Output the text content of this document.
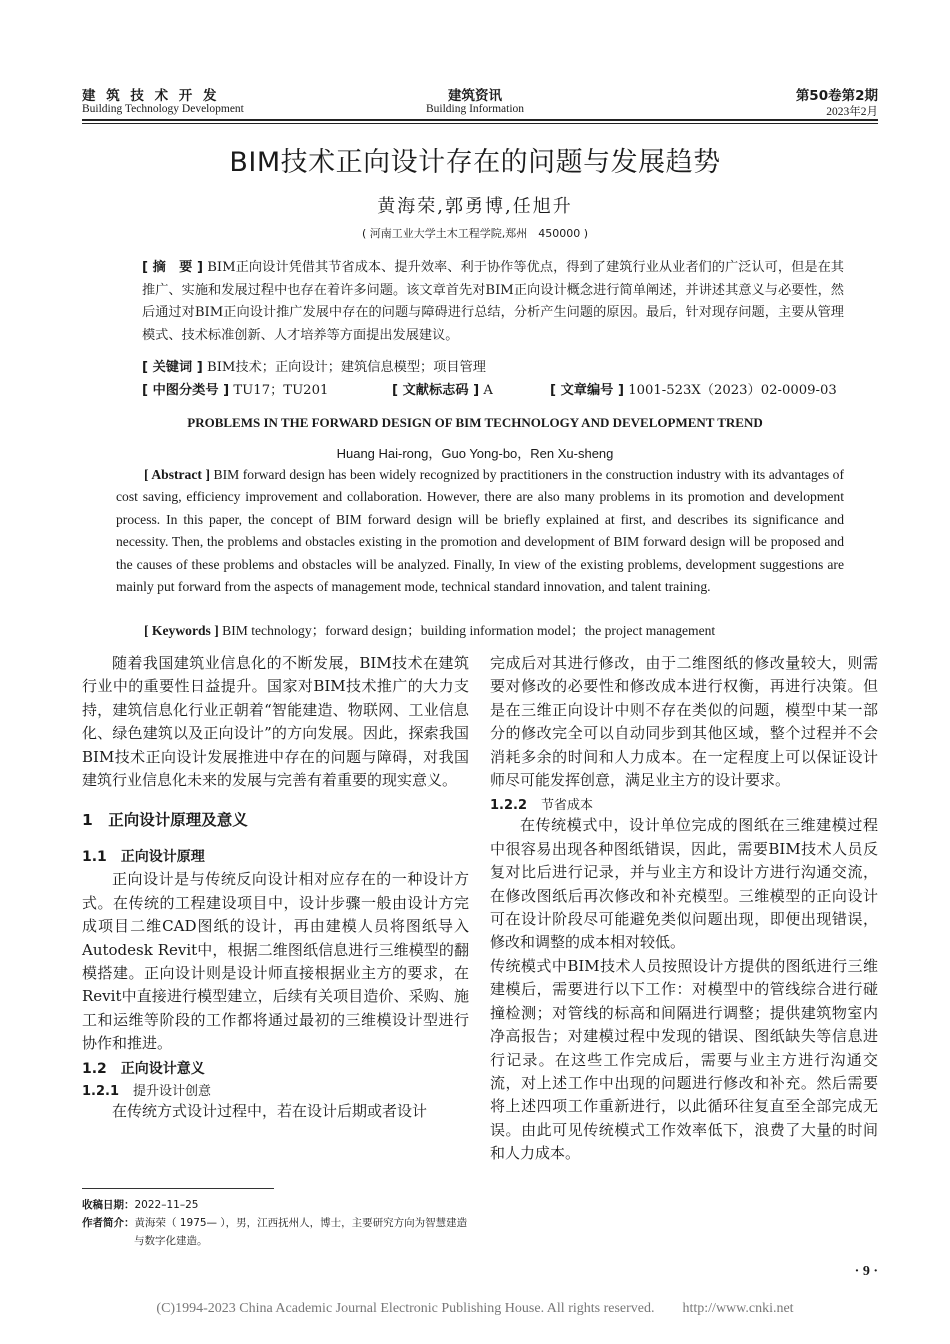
建 筑 技 术 开 发
Building Technology Development
建筑资讯
Building Information
第50卷第2期
2023年2月
BIM技术正向设计存在的问题与发展趋势
黄海荣,郭勇博,任旭升
( 河南工业大学土木工程学院,郑州　450000 )
[ 摘　要 ] BIM正向设计凭借其节省成本、提升效率、利于协作等优点，得到了建筑行业从业者们的广泛认可，但是在其推广、实施和发展过程中也存在着许多问题。该文章首先对BIM正向设计概念进行简单阐述，并讲述其意义与必要性，然后通过对BIM正向设计推广发展中存在的问题与障碍进行总结，分析产生问题的原因。最后，针对现存问题，主要从管理模式、技术标准创新、人才培养等方面提出发展建议。
[ 关键词 ] BIM技术；正向设计；建筑信息模型；项目管理
[ 中图分类号 ] TU17；TU201	[ 文献标志码 ] A	[ 文章编号 ] 1001-523X（2023）02-0009-03
PROBLEMS IN THE FORWARD DESIGN OF BIM TECHNOLOGY AND DEVELOPMENT TREND
Huang Hai-rong，Guo Yong-bo，Ren Xu-sheng
[ Abstract ] BIM forward design has been widely recognized by practitioners in the construction industry with its advantages of cost saving, efficiency improvement and collaboration. However, there are also many problems in its promotion and development process. In this paper, the concept of BIM forward design will be briefly explained at first, and describes its significance and necessity. Then, the problems and obstacles existing in the promotion and development of BIM forward design will be proposed and the causes of these problems and obstacles will be analyzed. Finally, In view of the existing problems, development suggestions are mainly put forward from the aspects of management mode, technical standard innovation, and talent training.
[ Keywords ] BIM technology；forward design；building information model；the project management

随着我国建筑业信息化的不断发展，BIM技术在建筑行业中的重要性日益提升。国家对BIM技术推广的大力支持，建筑信息化行业正朝着“智能建造、物联网、工业信息化、绿色建筑以及正向设计”的方向发展。因此，探索我国BIM技术正向设计发展推进中存在的问题与障碍，对我国建筑行业信息化未来的发展与完善有着重要的现实意义。

1　正向设计原理及意义
1.1　正向设计原理

正向设计是与传统反向设计相对应存在的一种设计方式。在传统的工程建设项目中，设计步骤一般由设计方完成项目二维CAD图纸的设计，再由建模人员将图纸导入Autodesk Revit中，根据二维图纸信息进行三维模型的翻模搭建。正向设计则是设计师直接根据业主方的要求，在Revit中直接进行模型建立，后续有关项目造价、采购、施工和运维等阶段的工作都将通过最初的三维模设计型进行协作和推进。

1.2　正向设计意义
1.2.1 提升设计创意

在传统方式设计过程中，若在设计后期或者设计

收稿日期：2022–11–25
作者简介：黄海荣（ 1975— ），男，江西抚州人，博士，主要研究方向为智慧建造与数字化建造。

完成后对其进行修改，由于二维图纸的修改量较大，则需要对修改的必要性和修改成本进行权衡，再进行决策。但是在三维正向设计中则不存在类似的问题，模型中某一部分的修改完全可以自动同步到其他区域，整个过程并不会消耗多余的时间和人力成本。在一定程度上可以保证设计师尽可能发挥创意，满足业主方的设计要求。

1.2.2 节省成本

在传统模式中，设计单位完成的图纸在三维建模过程中很容易出现各种图纸错误，因此，需要BIM技术人员反复对比后进行记录，并与业主方和设计方进行沟通交流，在修改图纸后再次修改和补充模型。三维模型的正向设计可在设计阶段尽可能避免类似问题出现，即便出现错误，修改和调整的成本相对较低。

传统模式中BIM技术人员按照设计方提供的图纸进行三维建模后，需要进行以下工作：对模型中的管线综合进行碰撞检测；对管线的标高和间隔进行调整；提供建筑物室内净高报告；对建模过程中发现的错误、图纸缺失等信息进行记录。在这些工作完成后，需要与业主方进行沟通交流，对上述工作中出现的问题进行修改和补充。然后需要将上述四项工作重新进行，以此循环往复直至全部完成无误。由此可见传统模式工作效率低下，浪费了大量的时间和人力成本。

· 9 ·
(C)1994-2023 China Academic Journal Electronic Publishing House. All rights reserved.　　http://www.cnki.net
